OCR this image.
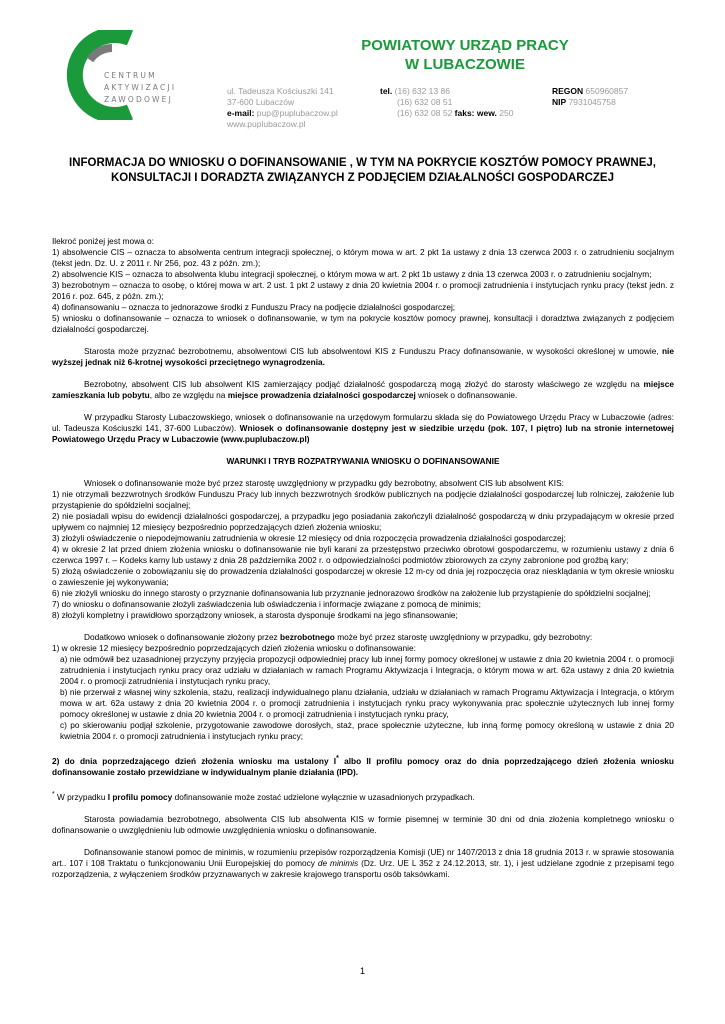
CENTRUM
AKTYWIZACJI
ZAWODOWEJ
POWIATOWY URZĄD PRACY
W LUBACZOWIE
ul. Tadeusza Kościuszki 141
37-600 Lubaczów
e-mail: pup@puplubaczow.pl
www.puplubaczow.pl
tel. (16) 632 13 86
(16) 632 08 51
(16) 632 08 52 faks: wew. 250
REGON 650960857
NIP 7931045758
INFORMACJA DO WNIOSKU O DOFINANSOWANIE , W TYM NA POKRYCIE KOSZTÓW POMOCY PRAWNEJ, KONSULTACJI I DORADZTA ZWIĄZANYCH Z PODJĘCIEM DZIAŁALNOŚCI GOSPODARCZEJ

Ilekroć poniżej jest mowa o:

1) absolwencie CIS – oznacza to absolwenta centrum integracji społecznej, o którym mowa w art. 2 pkt 1a ustawy z dnia 13 czerwca 2003 r. o zatrudnieniu socjalnym (tekst jedn. Dz. U. z 2011 r. Nr 256, poz. 43 z późn. zm.);

2) absolwencie KIS – oznacza to absolwenta klubu integracji społecznej, o którym mowa w art. 2 pkt 1b ustawy z dnia 13 czerwca 2003 r. o zatrudnieniu socjalnym;

3) bezrobotnym – oznacza to osobę, o której mowa w art. 2 ust. 1 pkt 2 ustawy z dnia 20 kwietnia 2004 r. o promocji zatrudnienia i instytucjach rynku pracy (tekst jedn. z 2016 r. poz. 645, z późn. zm.);

4) dofinansowaniu – oznacza to jednorazowe środki z Funduszu Pracy na podjęcie działalności gospodarczej;

5) wniosku o dofinansowanie – oznacza to wniosek o dofinansowanie, w tym na pokrycie kosztów pomocy prawnej, konsultacji i doradztwa związanych z podjęciem działalności gospodarczej.

Starosta może przyznać bezrobotnemu, absolwentowi CIS lub absolwentowi KIS z Funduszu Pracy dofinansowanie, w wysokości określonej w umowie, nie wyższej jednak niż 6-krotnej wysokości przeciętnego wynagrodzenia.

Bezrobotny, absolwent CIS lub absolwent KIS zamierzający podjąć działalność gospodarczą mogą złożyć do starosty właściwego ze względu na miejsce zamieszkania lub pobytu, albo ze względu na miejsce prowadzenia działalności gospodarczej wniosek o dofinansowanie.

W przypadku Starosty Lubaczowskiego, wniosek o dofinansowanie na urzędowym formularzu składa się do Powiatowego Urzędu Pracy w Lubaczowie (adres: ul. Tadeusza Kościuszki 141, 37-600 Lubaczów). Wniosek o dofinansowanie dostępny jest w siedzibie urzędu (pok. 107, I piętro) lub na stronie internetowej Powiatowego Urzędu Pracy w Lubaczowie (www.puplubaczow.pl)

WARUNKI I TRYB ROZPATRYWANIA WNIOSKU O DOFINANSOWANIE

Wniosek o dofinansowanie może być przez starostę uwzględniony w przypadku gdy bezrobotny, absolwent CIS lub absolwent KIS:

1) nie otrzymali bezzwrotnych środków Funduszu Pracy lub innych bezzwrotnych środków publicznych na podjęcie działalności gospodarczej lub rolniczej, założenie lub przystąpienie do spółdzielni socjalnej;

2) nie posiadali wpisu do ewidencji działalności gospodarczej, a przypadku jego posiadania zakończyli działalność gospodarczą w dniu przypadającym w okresie przed upływem co najmniej 12 miesięcy bezpośrednio poprzedzających dzień złożenia wniosku;

3) złożyli oświadczenie o niepodejmowaniu zatrudnienia w okresie 12 miesięcy od dnia rozpoczęcia prowadzenia działalności gospodarczej;

4) w okresie 2 lat przed dniem złożenia wniosku o dofinansowanie nie byli karani za przestępstwo przeciwko obrotowi gospodarczemu, w rozumieniu ustawy z dnia 6 czerwca 1997 r. – Kodeks karny lub ustawy z dnia 28 października 2002 r. o odpowiedzialności podmiotów zbiorowych za czyny zabronione pod groźbą kary;

5) złożą oświadczenie o zobowiązaniu się do prowadzenia działalności gospodarczej w okresie 12 m-cy od dnia jej rozpoczęcia oraz niesklądania w tym okresie wniosku o zawieszenie jej wykonywania;

6) nie złożyli wniosku do innego starosty o przyznanie dofinansowania lub przyznanie jednorazowo środków na założenie lub przystąpienie do spółdzielni socjalnej;

7) do wniosku o dofinansowanie złożyli zaświadczenia lub oświadczenia i informacje związane z pomocą de minimis;

8) złożyli kompletny i prawidłowo sporządzony wniosek, a starosta dysponuje środkami na jego sfinansowanie;

Dodatkowo wniosek o dofinansowanie złożony przez bezrobotnego może być przez starostę uwzględniony w przypadku, gdy bezrobotny:

1) w okresie 12 miesięcy bezpośrednio poprzedzających dzień złożenia wniosku o dofinansowanie:

a) nie odmówił bez uzasadnionej przyczyny przyjęcia propozycji odpowiedniej pracy lub innej formy pomocy określonej w ustawie z dnia 20 kwietnia 2004 r. o promocji zatrudnienia i instytucjach rynku pracy oraz udziału w działaniach w ramach Programu Aktywizacja i Integracja, o którym mowa w art. 62a ustawy z dnia 20 kwietnia 2004 r. o promocji zatrudnienia i instytucjach rynku pracy,

b) nie przerwał z własnej winy szkolenia, stażu, realizacji indywidualnego planu działania, udziału w działaniach w ramach Programu Aktywizacja i Integracja, o którym mowa w art. 62a ustawy z dnia 20 kwietnia 2004 r. o promocji zatrudnienia i instytucjach rynku pracy wykonywania prac społecznie użytecznych lub innej formy pomocy określonej w ustawie z dnia 20 kwietnia 2004 r. o promocji zatrudnienia i instytucjach rynku pracy,

c) po skierowaniu podjął szkolenie, przygotowanie zawodowe dorosłych, staż, prace społecznie użyteczne, lub inną formę pomocy określoną w ustawie z dnia 20 kwietnia 2004 r. o promocji zatrudnienia i instytucjach rynku pracy;

2) do dnia poprzedzającego dzień złożenia wniosku ma ustalony I* albo II profilu pomocy oraz do dnia poprzedzającego dzień złożenia wniosku dofinansowanie zostało przewidziane w indywidualnym planie działania (IPD).

* W przypadku I profilu pomocy dofinansowanie może zostać udzielone wyłącznie w uzasadnionych przypadkach.

Starosta powiadamia bezrobotnego, absolwenta CIS lub absolwenta KIS w formie pisemnej w terminie 30 dni od dnia złożenia kompletnego wniosku o dofinansowanie o uwzględnieniu lub odmowie uwzględnienia wniosku o dofinansowanie.

Dofinansowanie stanowi pomoc de minimis, w rozumieniu przepisów rozporządzenia Komisji (UE) nr 1407/2013 z dnia 18 grudnia 2013 r. w sprawie stosowania art.. 107 i 108 Traktatu o funkcjonowaniu Unii Europejskiej do pomocy de minimis (Dz. Urz. UE L 352 z 24.12.2013, str. 1), i jest udzielane zgodnie z przepisami tego rozporządzenia, z wyłączeniem środków przyznawanych w zakresie krajowego transportu osób taksówkami.

1
